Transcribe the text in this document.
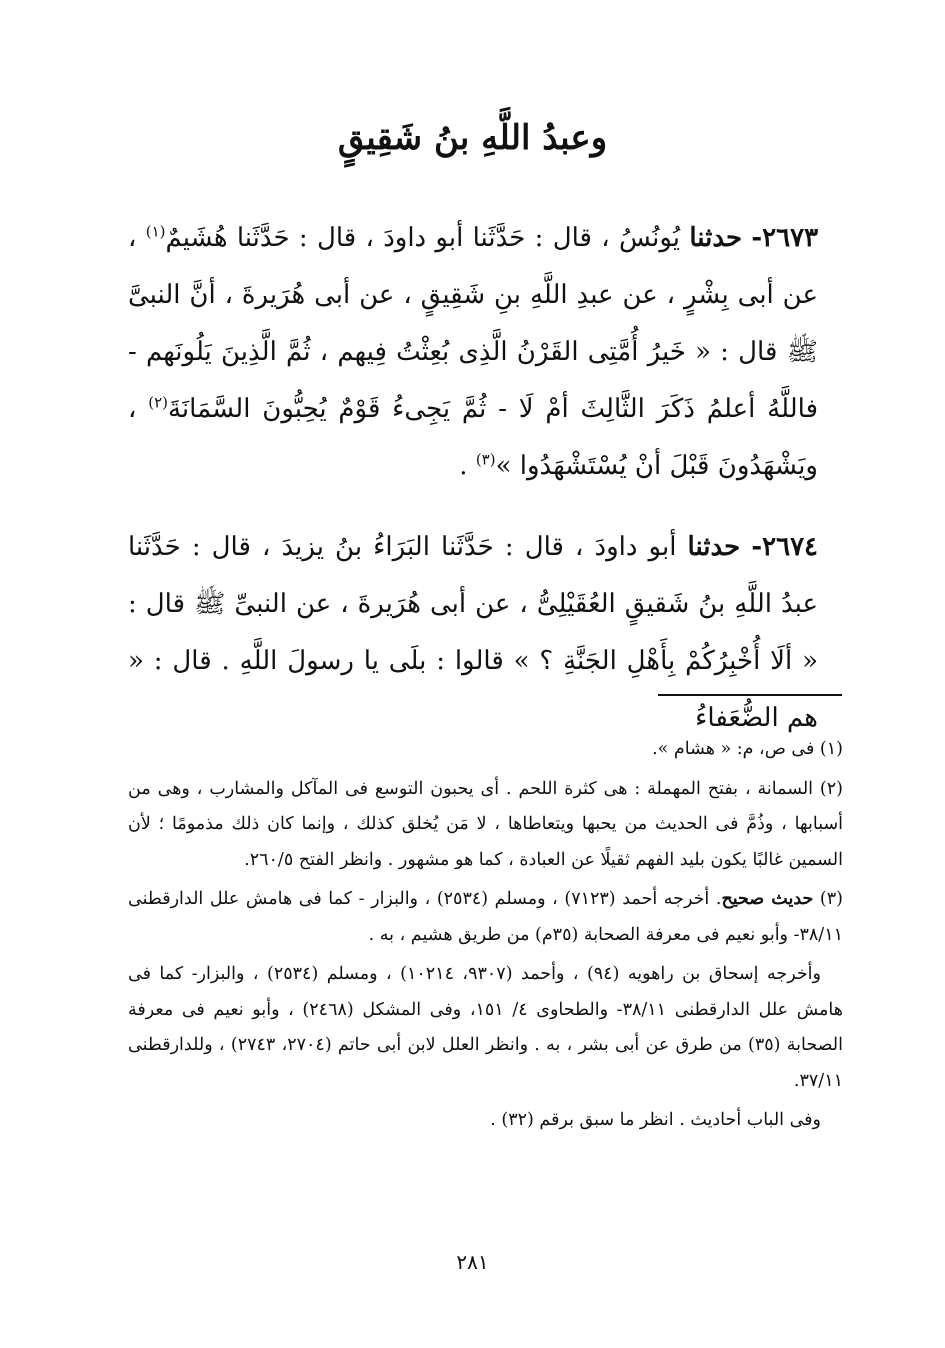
وعبدُ اللَّهِ بنُ شَقِيقٍ

٢٦٧٣- حدثنا يُونُسُ ، قال : حَدَّثَنا أبو داودَ ، قال : حَدَّثَنا هُشَيمٌ$^{(١)}$ ، عن أبى بِشْرٍ ، عن عبدِ اللَّهِ بنِ شَقِيقٍ ، عن أبى هُرَيرةَ ، أنَّ النبىَّ ﷺ قال : « خَيرُ أُمَّتِى القَرْنُ الَّذِى بُعِثْتُ فِيهم ، ثُمَّ الَّذِينَ يَلُونَهم - فاللَّهُ أعلمُ ذَكَرَ الثَّالِثَ أمْ لَا - ثُمَّ يَجِىءُ قَوْمٌ يُحِبُّونَ السَّمَانَةَ$^{(٢)}$ ، ويَشْهَدُونَ قَبْلَ أنْ يُسْتَشْهَدُوا »$^{(٣)}$ .

٢٦٧٤- حدثنا أبو داودَ ، قال : حَدَّثَنا البَرَاءُ بنُ يزيدَ ، قال : حَدَّثَنا عبدُ اللَّهِ بنُ شَقيقٍ العُقَيْلِىُّ ، عن أبى هُرَيرةَ ، عن النبىِّ ﷺ قال : « ألَا أُخْبِرُكُمْ بِأَهْلِ الجَنَّةِ ؟ » قالوا : بلَى يا رسولَ اللَّهِ . قال : « هم الضُّعَفاءُ

(١) فى ص، م: « هشام ».

(٢) السمانة ، بفتح المهملة : هى كثرة اللحم . أى يحبون التوسع فى المآكل والمشارب ، وهى من أسبابها ، وذُمَّ فى الحديث من يحبها ويتعاطاها ، لا مَن يُخلق كذلك ، وإنما كان ذلك مذمومًا ؛ لأن السمين غالبًا يكون بليد الفهم ثقيلًا عن العبادة ، كما هو مشهور . وانظر الفتح ٢٦٠/٥.

(٣) حديث صحيح. أخرجه أحمد (٧١٢٣) ، ومسلم (٢٥٣٤) ، والبزار - كما فى هامش علل الدارقطنى ٣٨/١١- وأبو نعيم فى معرفة الصحابة (٣٥م) من طريق هشيم ، به .

وأخرجه إسحاق بن راهويه (٩٤) ، وأحمد (٩٣٠٧، ١٠٢١٤) ، ومسلم (٢٥٣٤) ، والبزار- كما فى هامش علل الدارقطنى ٣٨/١١- والطحاوى ٤/ ١٥١، وفى المشكل (٢٤٦٨) ، وأبو نعيم فى معرفة الصحابة (٣٥) من طرق عن أبى بشر ، به . وانظر العلل لابن أبى حاتم (٢٧٠٤، ٢٧٤٣) ، وللدارقطنى ٣٧/١١.

وفى الباب أحاديث . انظر ما سبق برقم (٣٢) .

٢٨١
